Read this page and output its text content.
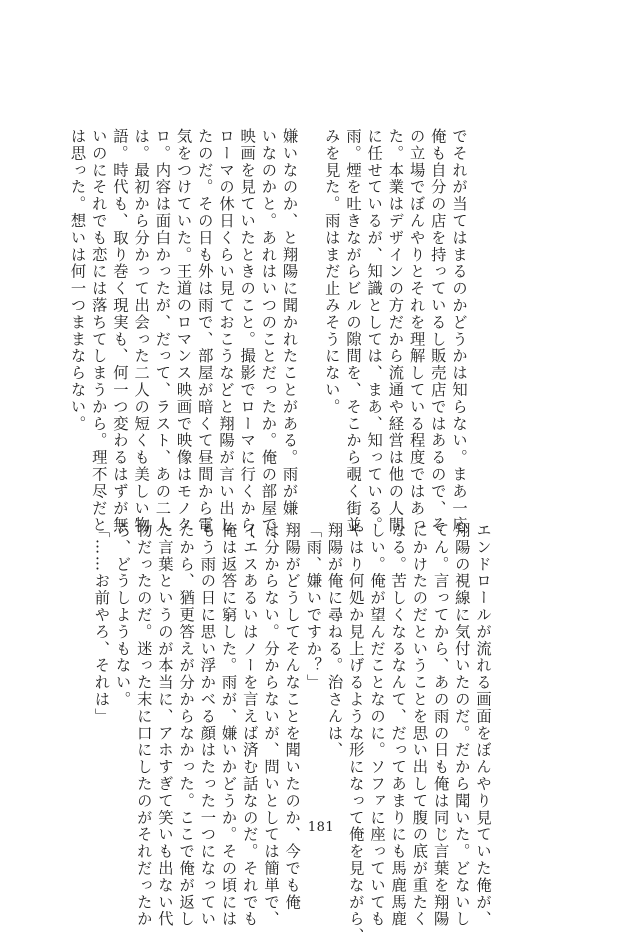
でそれが当てはまるのかどうかは知らない。まあ一応
俺も自分の店を持っているし販売店ではあるので、そ
の立場でぼんやりとそれを理解している程度ではあっ
た。本業はデザインの方だから流通や経営は他の人間
に任せているが、知識としては、まあ、知っている。
雨。煙を吐きながらビルの隙間を、そこから覗く街並
みを見た。雨はまだ止みそうにない。
嫌いなのか、と翔陽に聞かれたことがある。雨が嫌
いなのかと。あれはいつのことだったか。俺の部屋で、
映画を見ていたときのこと。撮影でローマに行くから、
ローマの休日くらい見ておこうなどと翔陽が言い出し
たのだ。その日も外は雨で、部屋が暗くて昼間から電
気をつけていた。王道のロマンス映画で映像はモノク
ロ。内容は面白かったが、だって、ラスト、あの二人
は。最初から分かって出会った二人の短くも美しい物
語。時代も、取り巻く現実も、何一つ変わるはずが無
いのにそれでも恋には落ちてしまうから。理不尽だと
は思った。想いは何一つままならない。
エンドロールが流れる画面をぼんやり見ていた俺が、
翔陽の視線に気付いたのだ。だから聞いた。どないし
てん。言ってから、あの雨の日も俺は同じ言葉を翔陽
にかけたのだということを思い出して腹の底が重たく
なる。苦しくなるなんて、だってあまりにも馬鹿馬鹿
しい。俺が望んだことなのに。ソファに座っていても
やはり何処か見上げるような形になって俺を見ながら、
翔陽が俺に尋ねる。治さんは、
「雨、嫌いですか？」
翔陽がどうしてそんなことを聞いたのか、今でも俺
は分からない。分からないが、問いとしては簡単で、
イエスあるいはノーを言えば済む話なのだ。それでも
俺は返答に窮した。雨が、嫌いかどうか。その頃には
もう雨の日に思い浮かべる顔はたった一つになってい
たから、猶更答えが分からなかった。ここで俺が返し
た言葉というのが本当に、アホすぎて笑いも出ない代
物だったのだ。迷った末に口にしたのがそれだったか
ら、どうしようもない。
「……お前やろ、それは」
181
